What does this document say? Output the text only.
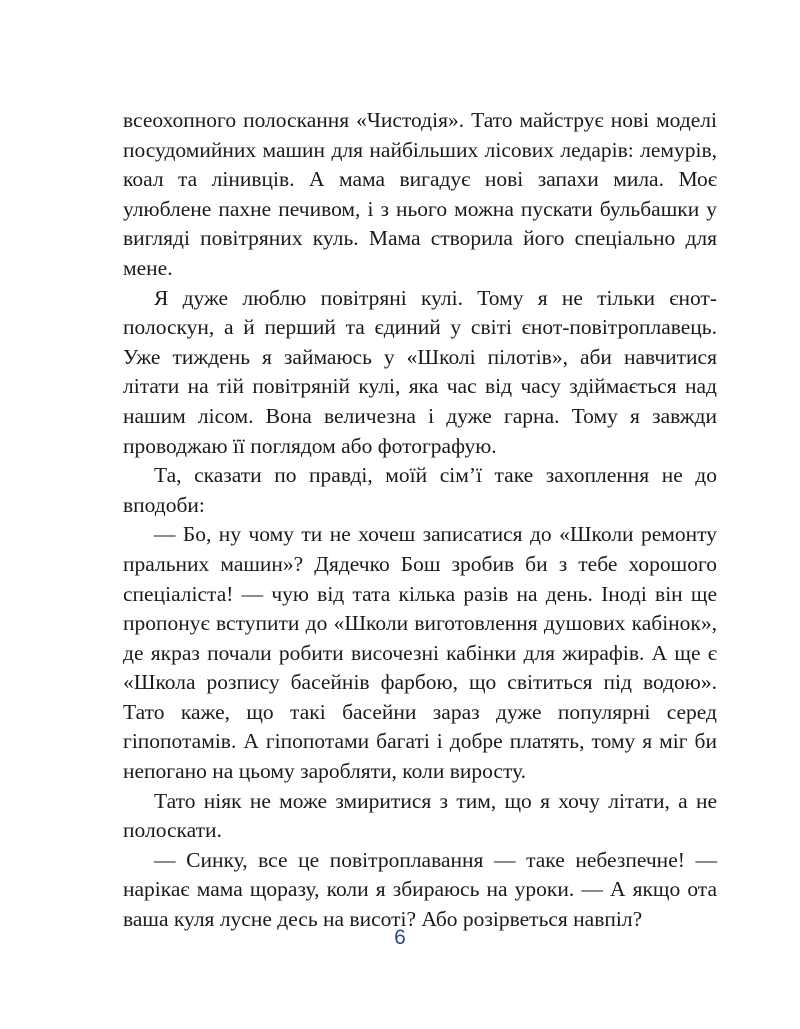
всеохопного полоскання «Чистодія». Тато майструє нові моделі посудомийних машин для найбільших лісових ледарів: лемурів, коал та лінивців. А мама вигадує нові запахи мила. Моє улюблене пахне печивом, і з нього можна пускати бульбашки у вигляді повітряних куль. Мама створила його спеціально для мене.

Я дуже люблю повітряні кулі. Тому я не тільки єнот-полоскун, а й перший та єдиний у світі єнот-повітроплавець. Уже тиждень я займаюсь у «Школі пілотів», аби навчитися літати на тій повітряній кулі, яка час від часу здіймається над нашим лісом. Вона величезна і дуже гарна. Тому я завжди проводжаю її поглядом або фотографую.

Та, сказати по правді, моїй сім’ї таке захоплення не до вподоби:

— Бо, ну чому ти не хочеш записатися до «Школи ремонту пральних машин»? Дядечко Бош зробив би з тебе хорошого спеціаліста! — чую від тата кілька разів на день. Іноді він ще пропонує вступити до «Школи виготовлення душових кабінок», де якраз почали робити височезні кабінки для жирафів. А ще є «Школа розпису басейнів фарбою, що світиться під водою». Тато каже, що такі басейни зараз дуже популярні серед гіпопотамів. А гіпопотами багаті і добре платять, тому я міг би непогано на цьому заробляти, коли виросту.

Тато ніяк не може змиритися з тим, що я хочу літати, а не полоскати.

— Синку, все це повітроплавання — таке небезпечне! — нарікає мама щоразу, коли я збираюсь на уроки. — А якщо ота ваша куля лусне десь на висоті? Або розірветься навпіл?

6
